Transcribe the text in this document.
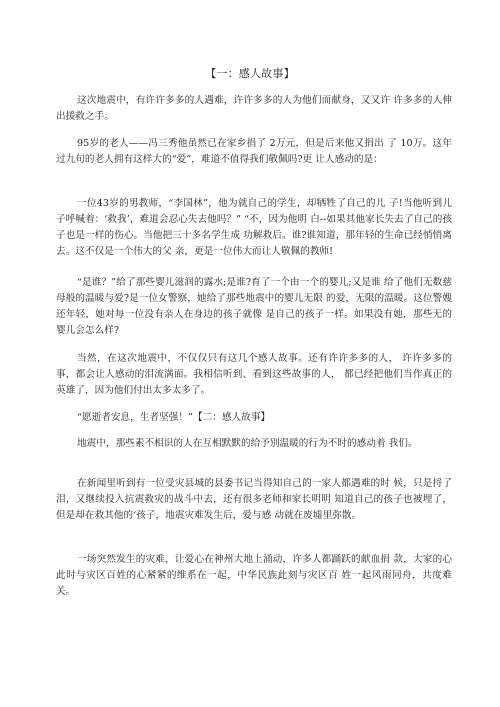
【一：感人故事】

这次地震中，有许许多多的人遇难，许许多多的人为他们而献身，又又许 许多多的人伸出援救之手。

95岁的老人——冯三秀他虽然已在家乡捐了 2万元，但是后来他又捐出 了 10万。这年过九旬的老人拥有这样大的“爱”，难道不值得我们敬佩吗?更 让人感动的是：

一位43岁的男教师，“李国林”，他为就自己的学生，却牺牲了自己的儿 子!当他听到儿子呼喊着：‘救我’，难道会忍心失去他吗？” “不，因为他明 白--如果其他家长失去了自己的孩子也是一样的伤心。当他把三十多名学生成 功解救后。谁?谁知道，那年轻的生命已经悄悄离去。这不仅是一个伟大的父 亲，更是一位伟大而让人敬佩的教师!

“是谁？”给了那些婴儿滋润的露水;是谁?育了一个由一个的婴儿;又是谁 给了他们无数慈母般的温暖与爱?是一位女警察，她给了那些地震中的婴儿无限 的爱，无限的温暖。这位警嫂还年轻，她对每一位没有亲人在身边的孩子就像 是自己的孩子一样。如果没有她，那些无的婴儿会怎么样?

当然，在这次地震中，不仅仅只有这几个感人故事。还有许许多多的人， 许许多多的事，都会让人感动的泪流满面。我相信听到、看到这些故事的人， 都已经把他们当作真正的英雄了，因为他们付出太多太多了。

“愿逝者安息，生者坚强！”【二：感人故事】

地震中，那些素不相识的人在互相默默的给予别温暖的行为不时的感动着 我们。

在新闻里听到有一位受灾县城的县委书记当得知自己的一家人都遇难的时 候，只是捋了泪，又继续投入抗震救灾的战斗中去，还有很多老师和家长明明 知道自己的孩子也被埋了，但是却在救其他的‘孩子，地震灾难发生后，爱与感 动就在废墟里弥散。

一场突然发生的灾难，让爱心在神州大地上涌动，许多人都踊跃的献血捐 款，大家的心此时与灾区百姓的心紧紧的维系在一起，中华民族此刻与灾区百 姓一起风雨同舟，共度难关。
